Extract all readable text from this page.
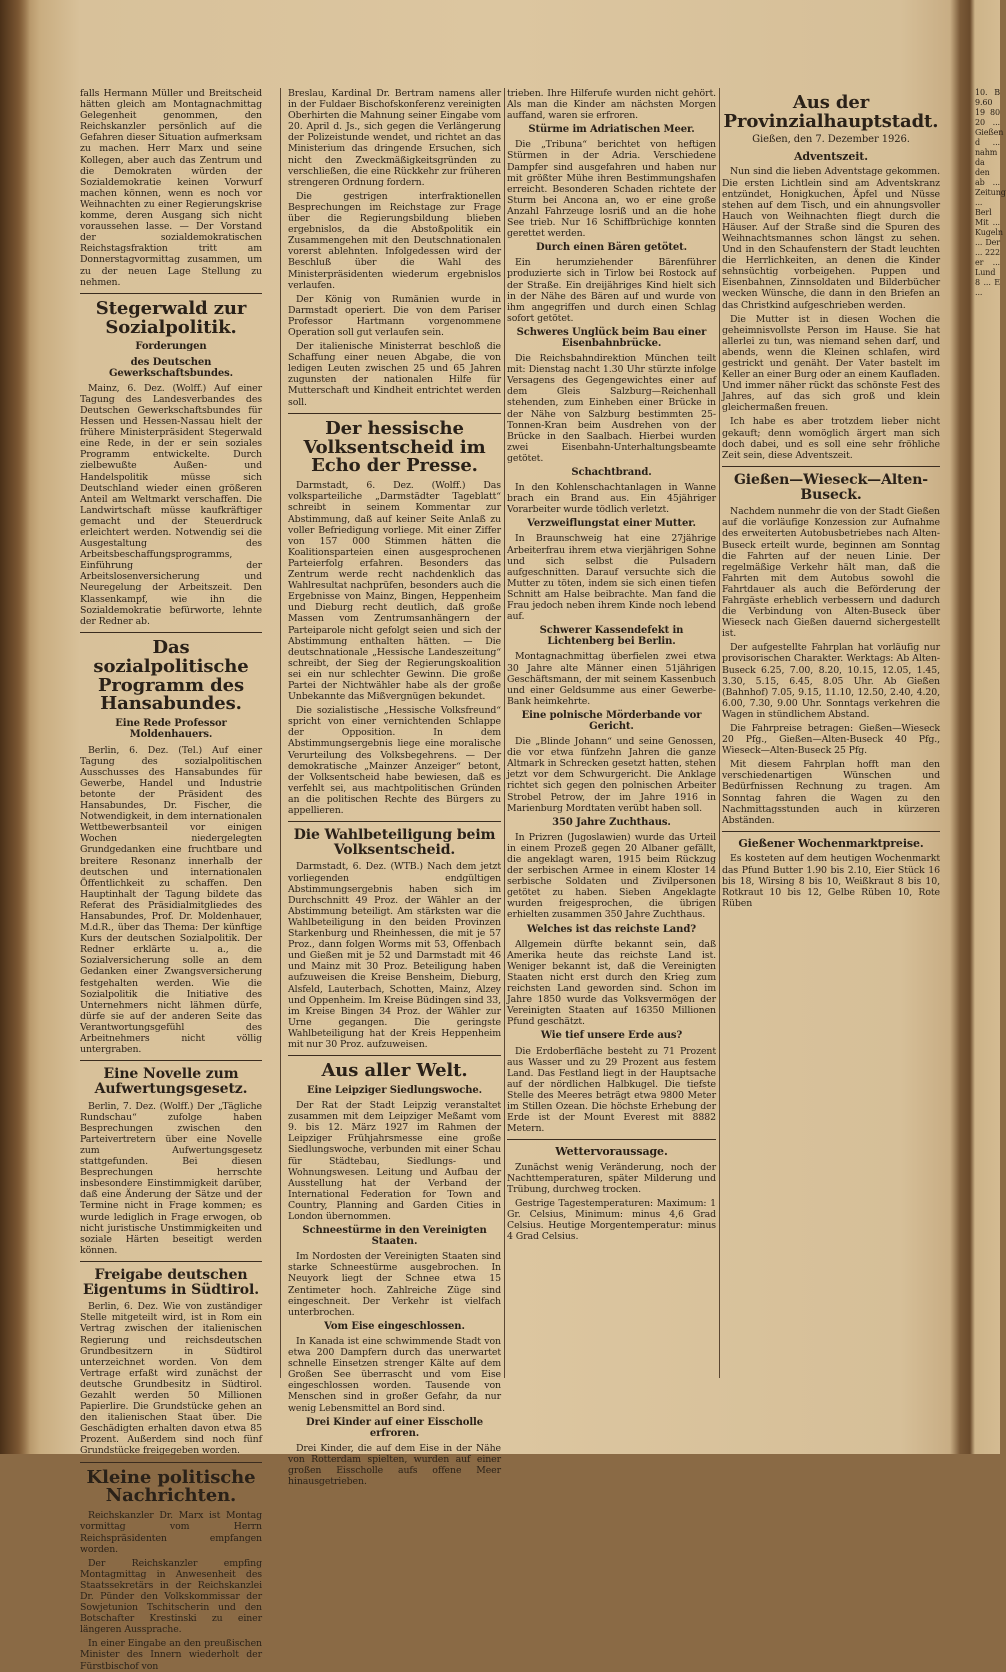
falls Hermann Müller und Breitscheid hätten gleich am Montagnachmittag Gelegenheit genommen, den Reichskanzler persönlich auf die Gefahren dieser Situation aufmerksam zu machen. Herr Marx und seine Kollegen, aber auch das Zentrum und die Demokraten würden der Sozialdemokratie keinen Vorwurf machen können, wenn es noch vor Weihnachten zu einer Regierungskrise komme, deren Ausgang sich nicht voraussehen lasse. — Der Vorstand der sozialdemokratischen Reichstagsfraktion tritt am Donnerstagvormittag zusammen, um zu der neuen Lage Stellung zu nehmen.

Stegerwald zur Sozialpolitik.
Forderungen
des Deutschen Gewerkschaftsbundes.

Mainz, 6. Dez. (Wolff.) Auf einer Tagung des Landesverbandes des Deutschen Gewerkschaftsbundes für Hessen und Hessen-Nassau hielt der frühere Ministerpräsident Stegerwald eine Rede, in der er sein soziales Programm entwickelte. Durch zielbewußte Außen- und Handelspolitik müsse sich Deutschland wieder einen größeren Anteil am Weltmarkt verschaffen. Die Landwirtschaft müsse kaufkräftiger gemacht und der Steuerdruck erleichtert werden. Notwendig sei die Ausgestaltung des Arbeitsbeschaffungsprogramms, Einführung der Arbeitslosenversicherung und Neuregelung der Arbeitszeit. Den Klassenkampf, wie ihn die Sozialdemokratie befürworte, lehnte der Redner ab.

Das sozialpolitische Programm des Hansabundes.
Eine Rede Professor Moldenhauers.

Berlin, 6. Dez. (Tel.) Auf einer Tagung des sozialpolitischen Ausschusses des Hansabundes für Gewerbe, Handel und Industrie betonte der Präsident des Hansabundes, Dr. Fischer, die Notwendigkeit, in dem internationalen Wettbewerbsanteil vor einigen Wochen niedergelegten Grundgedanken eine fruchtbare und breitere Resonanz innerhalb der deutschen und internationalen Öffentlichkeit zu schaffen. Den Hauptinhalt der Tagung bildete das Referat des Präsidialmitgliedes des Hansabundes, Prof. Dr. Moldenhauer, M.d.R., über das Thema: Der künftige Kurs der deutschen Sozialpolitik. Der Redner erklärte u. a., die Sozialversicherung solle an dem Gedanken einer Zwangsversicherung festgehalten werden. Wie die Sozialpolitik die Initiative des Unternehmers nicht lähmen dürfe, dürfe sie auf der anderen Seite das Verantwortungsgefühl des Arbeitnehmers nicht völlig untergraben.

Eine Novelle zum Aufwertungsgesetz.

Berlin, 7. Dez. (Wolff.) Der „Tägliche Rundschau“ zufolge haben Besprechungen zwischen den Parteivertretern über eine Novelle zum Aufwertungsgesetz stattgefunden. Bei diesen Besprechungen herrschte insbesondere Einstimmigkeit darüber, daß eine Änderung der Sätze und der Termine nicht in Frage kommen; es wurde lediglich in Frage erwogen, ob nicht juristische Unstimmigkeiten und soziale Härten beseitigt werden können.

Freigabe deutschen Eigentums in Südtirol.

Berlin, 6. Dez. Wie von zuständiger Stelle mitgeteilt wird, ist in Rom ein Vertrag zwischen der italienischen Regierung und reichsdeutschen Grundbesitzern in Südtirol unterzeichnet worden. Von dem Vertrage erfaßt wird zunächst der deutsche Grundbesitz in Südtirol. Gezahlt werden 50 Millionen Papierlire. Die Grundstücke gehen an den italienischen Staat über. Die Geschädigten erhalten davon etwa 85 Prozent. Außerdem sind noch fünf Grundstücke freigegeben worden.

Kleine politische Nachrichten.

Reichskanzler Dr. Marx ist Montag vormittag vom Herrn Reichspräsidenten empfangen worden.

Der Reichskanzler empfing Montagmittag in Anwesenheit des Staatssekretärs in der Reichskanzlei Dr. Pünder den Volkskommissar der Sowjetunion Tschitscherin und den Botschafter Krestinski zu einer längeren Aussprache.

In einer Eingabe an den preußischen Minister des Innern wiederholt der Fürstbischof von

Breslau, Kardinal Dr. Bertram namens aller in der Fuldaer Bischofskonferenz vereinigten Oberhirten die Mahnung seiner Eingabe vom 20. April d. Js., sich gegen die Verlängerung der Polizeistunde wendet, und richtet an das Ministerium das dringende Ersuchen, sich nicht den Zweckmäßigkeitsgründen zu verschließen, die eine Rückkehr zur früheren strengeren Ordnung fordern.

Die gestrigen interfraktionellen Besprechungen im Reichstage zur Frage über die Regierungsbildung blieben ergebnislos, da die Abstoßpolitik ein Zusammengehen mit den Deutschnationalen vorerst ablehnten. Infolgedessen wird der Beschluß über die Wahl des Ministerpräsidenten wiederum ergebnislos verlaufen.

Der König von Rumänien wurde in Darmstadt operiert. Die von dem Pariser Professor Hartmann vorgenommene Operation soll gut verlaufen sein.

Der italienische Ministerrat beschloß die Schaffung einer neuen Abgabe, die von ledigen Leuten zwischen 25 und 65 Jahren zugunsten der nationalen Hilfe für Mutterschaft und Kindheit entrichtet werden soll.

Der hessische Volksentscheid im Echo der Presse.

Darmstadt, 6. Dez. (Wolff.) Das volksparteiliche „Darmstädter Tageblatt“ schreibt in seinem Kommentar zur Abstimmung, daß auf keiner Seite Anlaß zu voller Befriedigung vorliege. Mit einer Ziffer von 157 000 Stimmen hätten die Koalitionsparteien einen ausgesprochenen Parteierfolg erfahren. Besonders das Zentrum werde recht nachdenklich das Wahlresultat nachprüfen, besonders auch die Ergebnisse von Mainz, Bingen, Heppenheim und Dieburg recht deutlich, daß große Massen vom Zentrumsanhängern der Parteiparole nicht gefolgt seien und sich der Abstimmung enthalten hätten. — Die deutschnationale „Hessische Landeszeitung“ schreibt, der Sieg der Regierungskoalition sei ein nur schlechter Gewinn. Die große Partei der Nichtwähler habe als der große Unbekannte das Mißvergnügen bekundet.

Die sozialistische „Hessische Volksfreund“ spricht von einer vernichtenden Schlappe der Opposition. In dem Abstimmungsergebnis liege eine moralische Verurteilung des Volksbegehrens. — Der demokratische „Mainzer Anzeiger“ betont, der Volksentscheid habe bewiesen, daß es verfehlt sei, aus machtpolitischen Gründen an die politischen Rechte des Bürgers zu appellieren.

Die Wahlbeteiligung beim Volksentscheid.

Darmstadt, 6. Dez. (WTB.) Nach dem jetzt vorliegenden endgültigen Abstimmungsergebnis haben sich im Durchschnitt 49 Proz. der Wähler an der Abstimmung beteiligt. Am stärksten war die Wahlbeteiligung in den beiden Provinzen Starkenburg und Rheinhessen, die mit je 57 Proz., dann folgen Worms mit 53, Offenbach und Gießen mit je 52 und Darmstadt mit 46 und Mainz mit 30 Proz. Beteiligung haben aufzuweisen die Kreise Bensheim, Dieburg, Alsfeld, Lauterbach, Schotten, Mainz, Alzey und Oppenheim. Im Kreise Büdingen sind 33, im Kreise Bingen 34 Proz. der Wähler zur Urne gegangen. Die geringste Wahlbeteiligung hat der Kreis Heppenheim mit nur 30 Proz. aufzuweisen.

Aus aller Welt.
Eine Leipziger Siedlungswoche.

Der Rat der Stadt Leipzig veranstaltet zusammen mit dem Leipziger Meßamt vom 9. bis 12. März 1927 im Rahmen der Leipziger Frühjahrsmesse eine große Siedlungswoche, verbunden mit einer Schau für Städtebau, Siedlungs- und Wohnungswesen. Leitung und Aufbau der Ausstellung hat der Verband der International Federation for Town and Country, Planning and Garden Cities in London übernommen.

Schneestürme in den Vereinigten Staaten.

Im Nordosten der Vereinigten Staaten sind starke Schneestürme ausgebrochen. In Neuyork liegt der Schnee etwa 15 Zentimeter hoch. Zahlreiche Züge sind eingeschneit. Der Verkehr ist vielfach unterbrochen.

Vom Eise eingeschlossen.

In Kanada ist eine schwimmende Stadt von etwa 200 Dampfern durch das unerwartet schnelle Einsetzen strenger Kälte auf dem Großen See überrascht und vom Eise eingeschlossen worden. Tausende von Menschen sind in großer Gefahr, da nur wenig Lebensmittel an Bord sind.

Drei Kinder auf einer Eisscholle erfroren.

Drei Kinder, die auf dem Eise in der Nähe von Rotterdam spielten, wurden auf einer großen Eisscholle aufs offene Meer hinausgetrieben.

trieben. Ihre Hilferufe wurden nicht gehört. Als man die Kinder am nächsten Morgen auffand, waren sie erfroren.

Stürme im Adriatischen Meer.

Die „Tribuna“ berichtet von heftigen Stürmen in der Adria. Verschiedene Dampfer sind ausgefahren und haben nur mit größter Mühe ihren Bestimmungshafen erreicht. Besonderen Schaden richtete der Sturm bei Ancona an, wo er eine große Anzahl Fahrzeuge losriß und an die hohe See trieb. Nur 16 Schiffbrüchige konnten gerettet werden.

Durch einen Bären getötet.

Ein herumziehender Bärenführer produzierte sich in Tirlow bei Rostock auf der Straße. Ein dreijähriges Kind hielt sich in der Nähe des Bären auf und wurde von ihm angegriffen und durch einen Schlag sofort getötet.

Schweres Unglück beim Bau einer Eisenbahnbrücke.

Die Reichsbahndirektion München teilt mit: Dienstag nacht 1.30 Uhr stürzte infolge Versagens des Gegengewichtes einer auf dem Gleis Salzburg—Reichenhall stehenden, zum Einheben einer Brücke in der Nähe von Salzburg bestimmten 25-Tonnen-Kran beim Ausdrehen von der Brücke in den Saalbach. Hierbei wurden zwei Eisenbahn-Unterhaltungsbeamte getötet.

Schachtbrand.

In den Kohlenschachtanlagen in Wanne brach ein Brand aus. Ein 45jähriger Vorarbeiter wurde tödlich verletzt.

Verzweiflungstat einer Mutter.

In Braunschweig hat eine 27jährige Arbeiterfrau ihrem etwa vierjährigen Sohne und sich selbst die Pulsadern aufgeschnitten. Darauf versuchte sich die Mutter zu töten, indem sie sich einen tiefen Schnitt am Halse beibrachte. Man fand die Frau jedoch neben ihrem Kinde noch lebend auf.

Schwerer Kassendefekt in Lichtenberg bei Berlin.

Montagnachmittag überfielen zwei etwa 30 Jahre alte Männer einen 51jährigen Geschäftsmann, der mit seinem Kassenbuch und einer Geldsumme aus einer Gewerbe-Bank heimkehrte.

Eine polnische Mörderbande vor Gericht.

Die „Blinde Johann“ und seine Genossen, die vor etwa fünfzehn Jahren die ganze Altmark in Schrecken gesetzt hatten, stehen jetzt vor dem Schwurgericht. Die Anklage richtet sich gegen den polnischen Arbeiter Strobel Petrow, der im Jahre 1916 in Marienburg Mordtaten verübt haben soll.

350 Jahre Zuchthaus.

In Prizren (Jugoslawien) wurde das Urteil in einem Prozeß gegen 20 Albaner gefällt, die angeklagt waren, 1915 beim Rückzug der serbischen Armee in einem Kloster 14 serbische Soldaten und Zivilpersonen getötet zu haben. Sieben Angeklagte wurden freigesprochen, die übrigen erhielten zusammen 350 Jahre Zuchthaus.

Welches ist das reichste Land?

Allgemein dürfte bekannt sein, daß Amerika heute das reichste Land ist. Weniger bekannt ist, daß die Vereinigten Staaten nicht erst durch den Krieg zum reichsten Land geworden sind. Schon im Jahre 1850 wurde das Volksvermögen der Vereinigten Staaten auf 16350 Millionen Pfund geschätzt.

Wie tief unsere Erde aus?

Die Erdoberfläche besteht zu 71 Prozent aus Wasser und zu 29 Prozent aus festem Land. Das Festland liegt in der Hauptsache auf der nördlichen Halbkugel. Die tiefste Stelle des Meeres beträgt etwa 9800 Meter im Stillen Ozean. Die höchste Erhebung der Erde ist der Mount Everest mit 8882 Metern.

Wettervoraussage.

Zunächst wenig Veränderung, noch der Nachttemperaturen, später Milderung und Trübung, durchweg trocken.

Gestrige Tagestemperaturen: Maximum: 1 Gr. Celsius, Minimum: minus 4,6 Grad Celsius. Heutige Morgentemperatur: minus 4 Grad Celsius.

Aus der Provinzialhauptstadt.
Gießen, den 7. Dezember 1926.
Adventszeit.

Nun sind die lieben Adventstage gekommen. Die ersten Lichtlein sind am Adventskranz entzündet, Honigkuchen, Äpfel und Nüsse stehen auf dem Tisch, und ein ahnungsvoller Hauch von Weihnachten fliegt durch die Häuser. Auf der Straße sind die Spuren des Weihnachtsmannes schon längst zu sehen. Und in den Schaufenstern der Stadt leuchten die Herrlichkeiten, an denen die Kinder sehnsüchtig vorbeigehen. Puppen und Eisenbahnen, Zinnsoldaten und Bilderbücher wecken Wünsche, die dann in den Briefen an das Christkind aufgeschrieben werden.

Die Mutter ist in diesen Wochen die geheimnisvollste Person im Hause. Sie hat allerlei zu tun, was niemand sehen darf, und abends, wenn die Kleinen schlafen, wird gestrickt und genäht. Der Vater bastelt im Keller an einer Burg oder an einem Kaufladen. Und immer näher rückt das schönste Fest des Jahres, auf das sich groß und klein gleichermaßen freuen.

Ich habe es aber trotzdem lieber nicht gekauft; denn womöglich ärgert man sich doch dabei, und es soll eine sehr fröhliche Zeit sein, diese Adventszeit.

Gießen—Wieseck—Alten-Buseck.

Nachdem nunmehr die von der Stadt Gießen auf die vorläufige Konzession zur Aufnahme des erweiterten Autobusbetriebes nach Alten-Buseck erteilt wurde, beginnen am Sonntag die Fahrten auf der neuen Linie. Der regelmäßige Verkehr hält man, daß die Fahrten mit dem Autobus sowohl die Fahrtdauer als auch die Beförderung der Fahrgäste erheblich verbessern und dadurch die Verbindung von Alten-Buseck über Wieseck nach Gießen dauernd sichergestellt ist.

Der aufgestellte Fahrplan hat vorläufig nur provisorischen Charakter. Werktags: Ab Alten-Buseck 6.25, 7.00, 8.20, 10.15, 12.05, 1.45, 3.30, 5.15, 6.45, 8.05 Uhr. Ab Gießen (Bahnhof) 7.05, 9.15, 11.10, 12.50, 2.40, 4.20, 6.00, 7.30, 9.00 Uhr. Sonntags verkehren die Wagen in stündlichem Abstand.

Die Fahrpreise betragen: Gießen—Wieseck 20 Pfg., Gießen—Alten-Buseck 40 Pfg., Wieseck—Alten-Buseck 25 Pfg.

Mit diesem Fahrplan hofft man den verschiedenartigen Wünschen und Bedürfnissen Rechnung zu tragen. Am Sonntag fahren die Wagen zu den Nachmittagsstunden auch in kürzeren Abständen.

Gießener Wochenmarktpreise.

Es kosteten auf dem heutigen Wochenmarkt das Pfund Butter 1.90 bis 2.10, Eier Stück 16 bis 18, Wirsing 8 bis 10, Weißkraut 8 bis 10, Rotkraut 10 bis 12, Gelbe Rüben 10, Rote Rüben

10. B 9.60 19 80 20 ... Gießen d ... nahm da den ab ... Zeitung ... Berl Mit ... Kugeln ... Der ... 222 er ... Lund 8 ... E ...
